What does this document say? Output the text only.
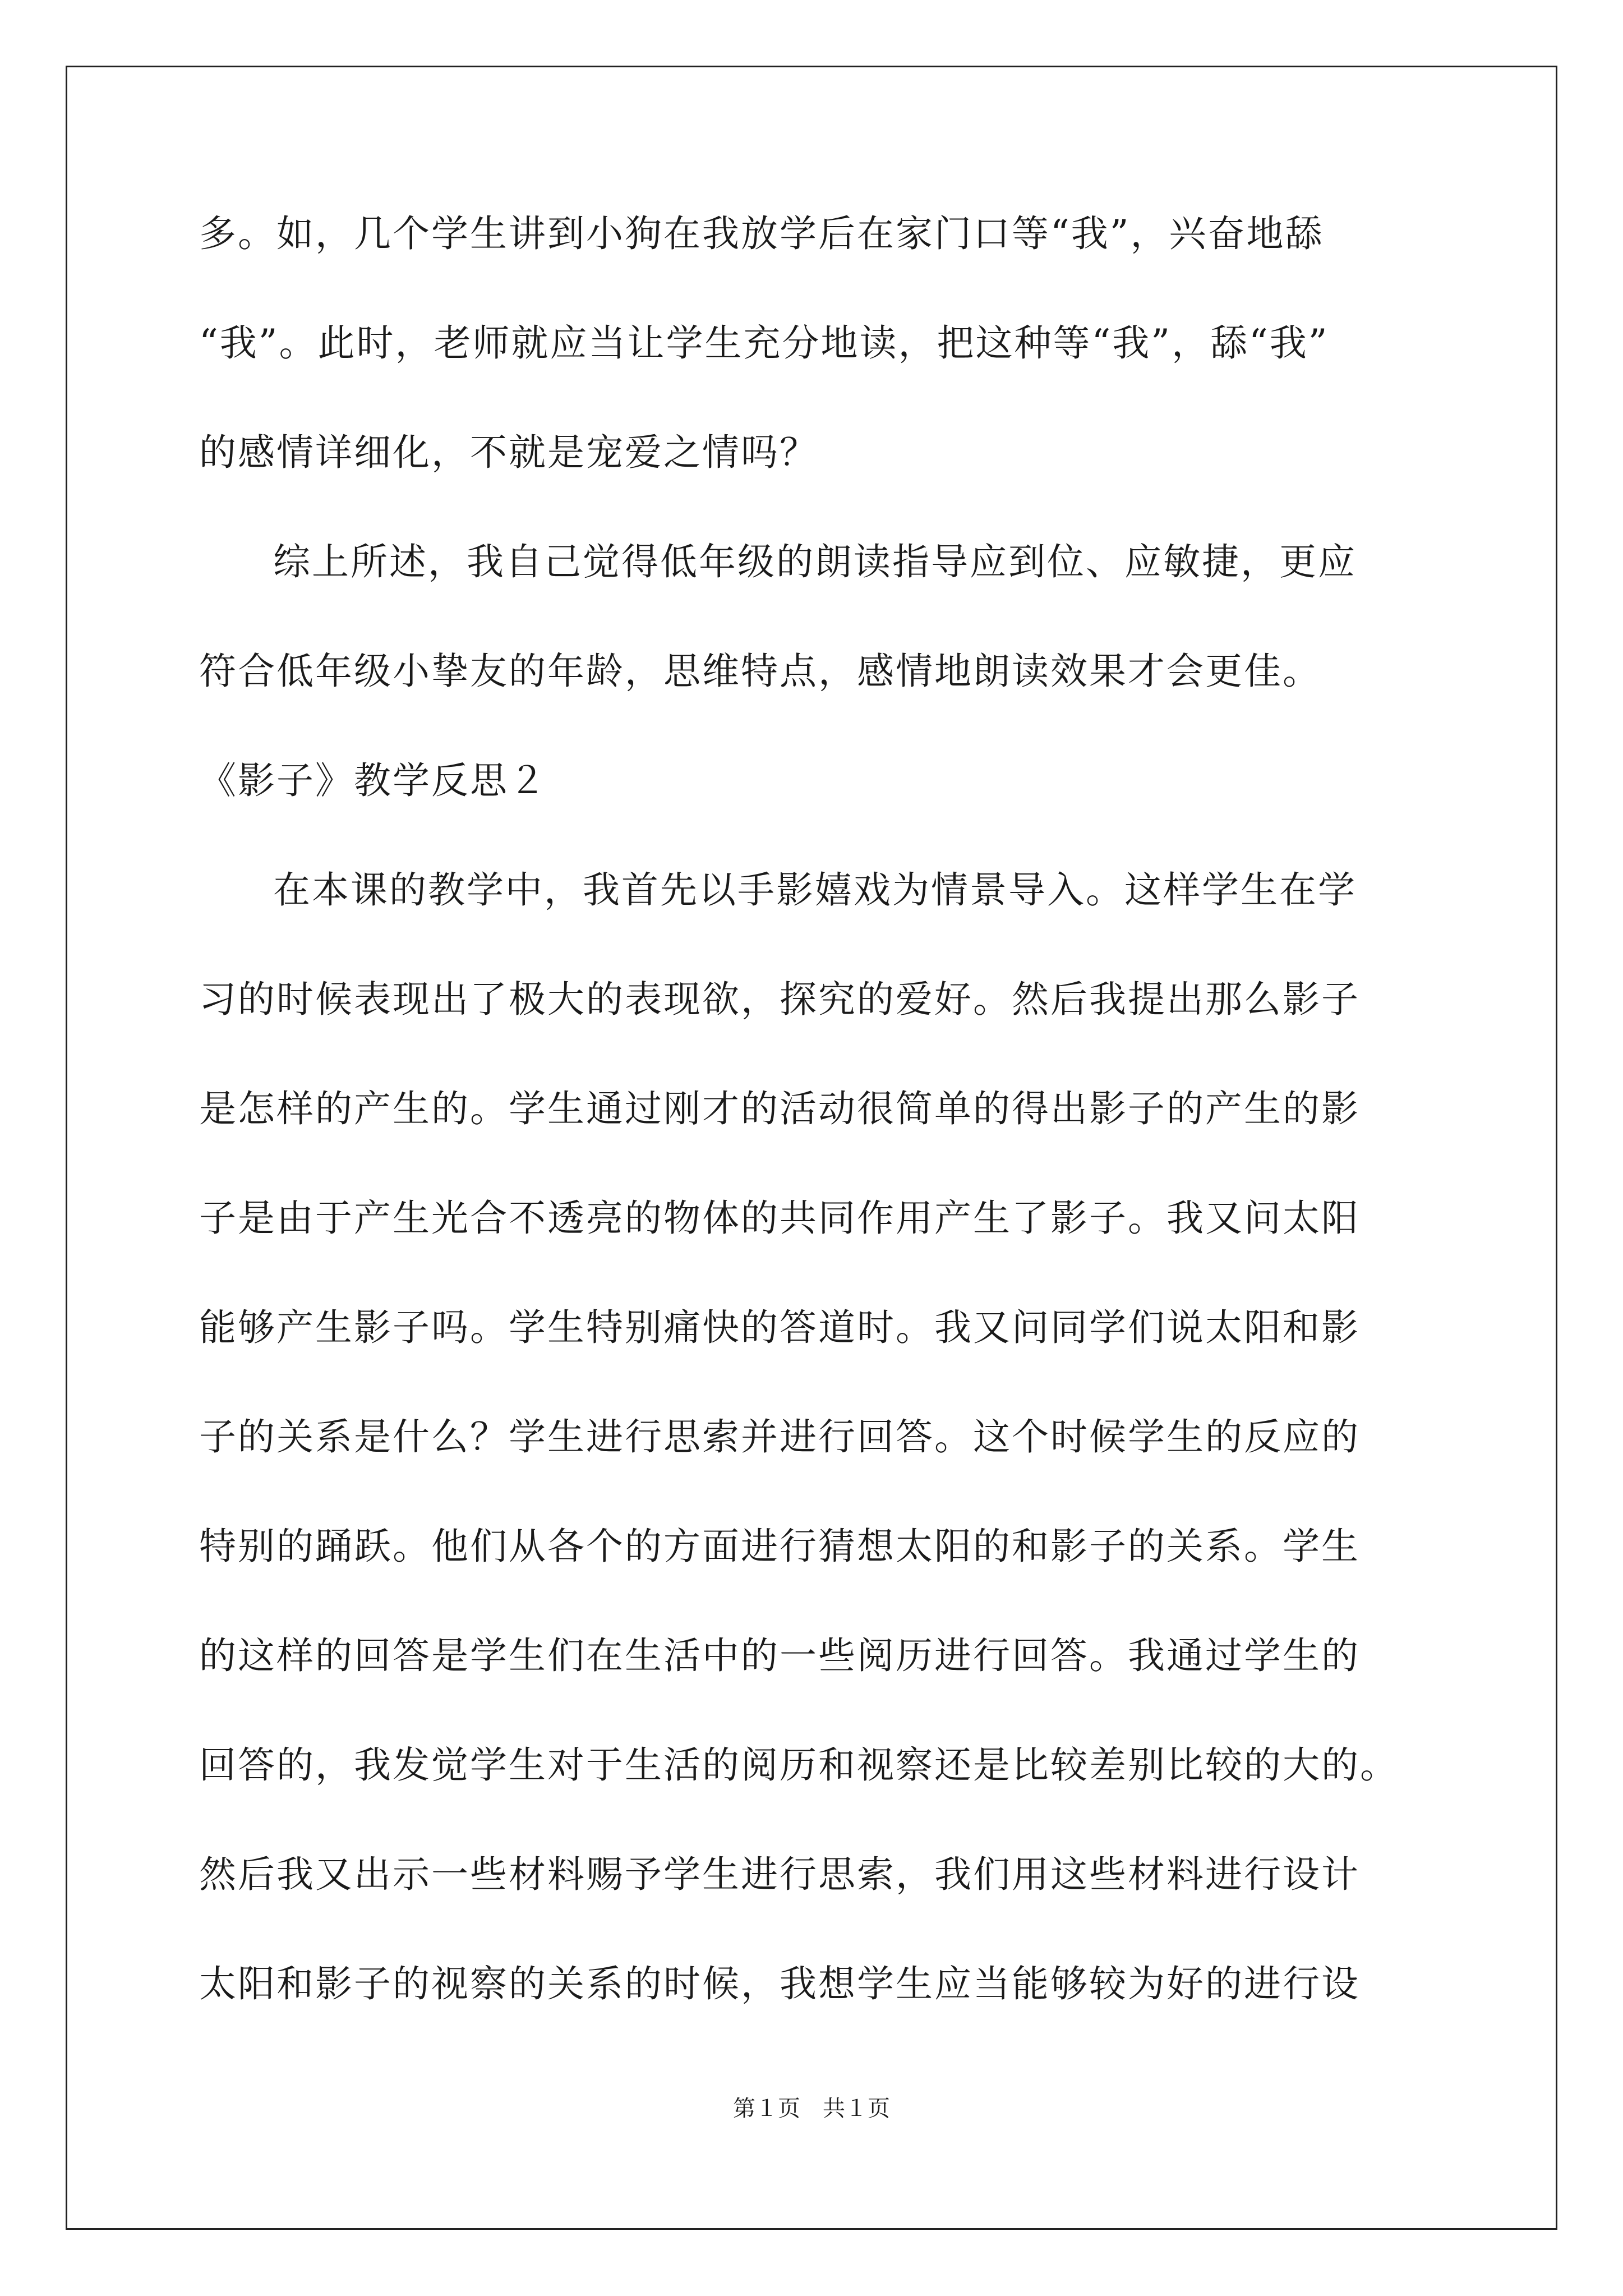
多。如，几个学生讲到小狗在我放学后在家门口等“我”，兴奋地舔
“我”。此时，老师就应当让学生充分地读，把这种等“我”，舔“我”
的感情详细化，不就是宠爱之情吗？
综上所述，我自己觉得低年级的朗读指导应到位、应敏捷，更应
符合低年级小挚友的年龄，思维特点，感情地朗读效果才会更佳。
《影子》教学反思２
在本课的教学中，我首先以手影嬉戏为情景导入。这样学生在学
习的时候表现出了极大的表现欲，探究的爱好。然后我提出那么影子
是怎样的产生的。学生通过刚才的活动很简单的得出影子的产生的影
子是由于产生光合不透亮的物体的共同作用产生了影子。我又问太阳
能够产生影子吗。学生特别痛快的答道时。我又问同学们说太阳和影
子的关系是什么？学生进行思索并进行回答。这个时候学生的反应的
特别的踊跃。他们从各个的方面进行猜想太阳的和影子的关系。学生
的这样的回答是学生们在生活中的一些阅历进行回答。我通过学生的
回答的，我发觉学生对于生活的阅历和视察还是比较差别比较的大的。
然后我又出示一些材料赐予学生进行思索，我们用这些材料进行设计
太阳和影子的视察的关系的时候，我想学生应当能够较为好的进行设
第１页　共１页
